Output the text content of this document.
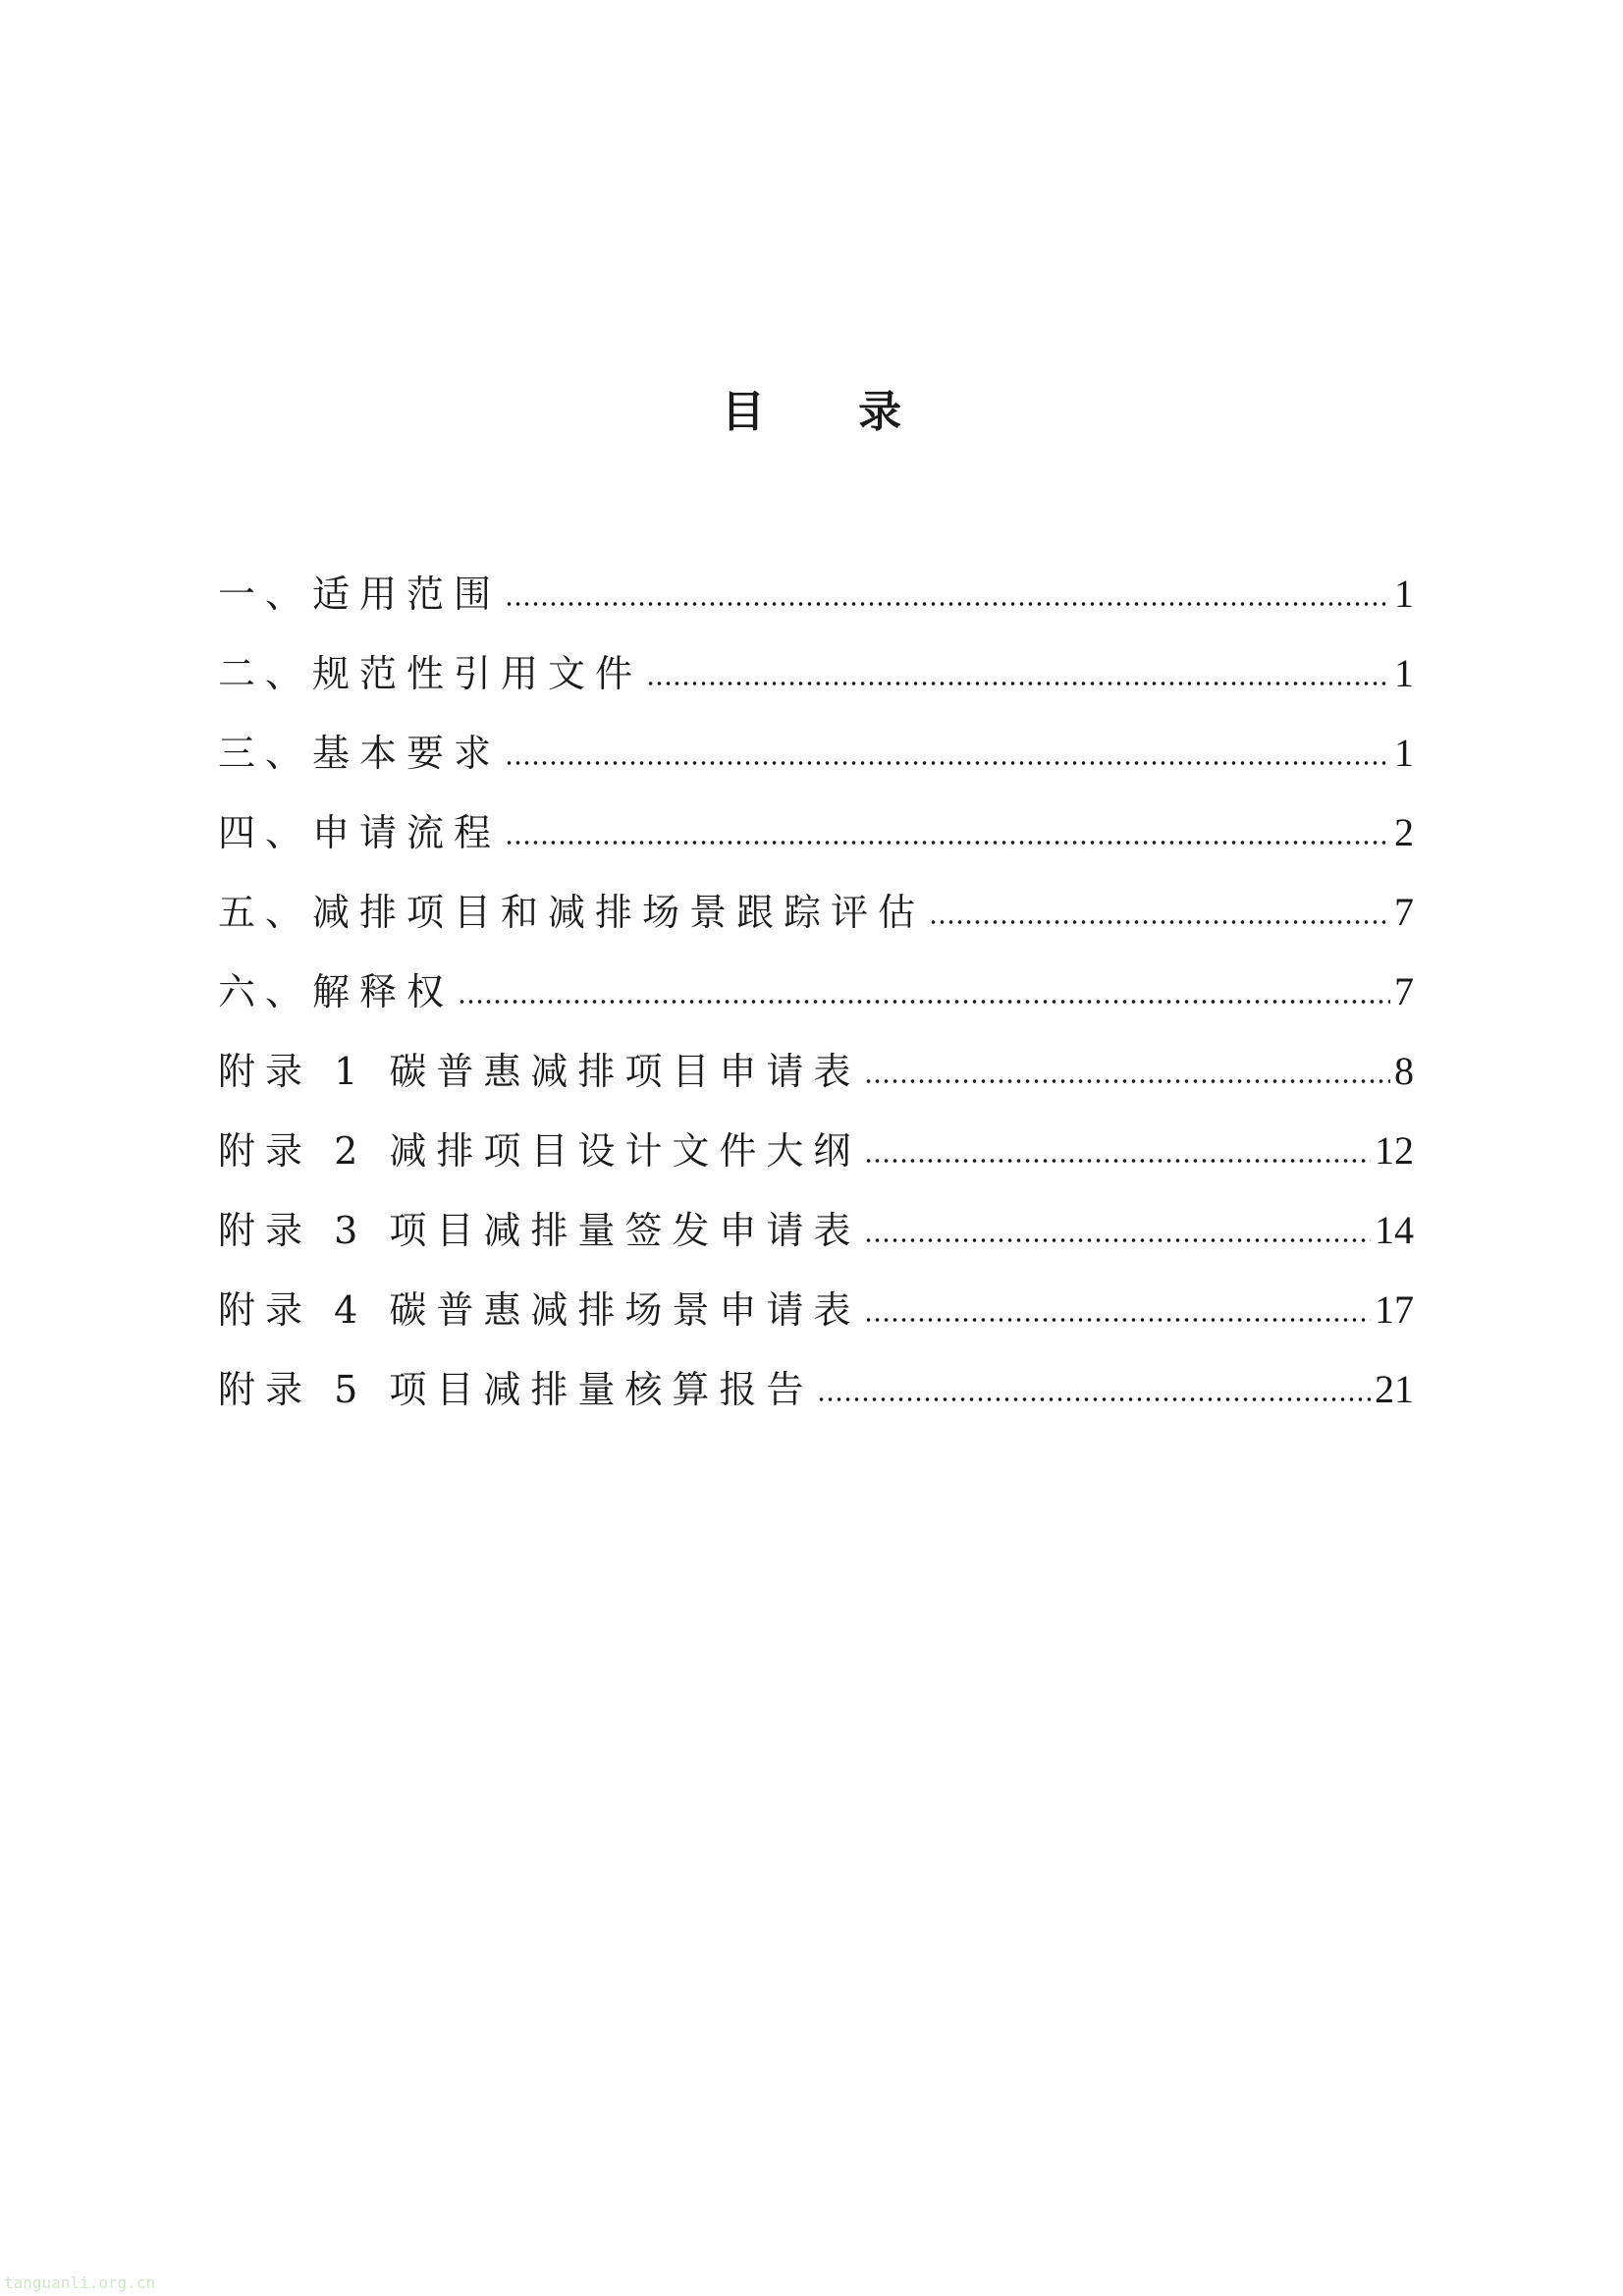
目 录
一、适用范围	1
二、规范性引用文件	1
三、基本要求	1
四、申请流程	2
五、减排项目和减排场景跟踪评估	7
六、解释权	7
附录 1 碳普惠减排项目申请表	8
附录 2 减排项目设计文件大纲	12
附录 3 项目减排量签发申请表	14
附录 4 碳普惠减排场景申请表	17
附录 5 项目减排量核算报告	21
tanguanli.org.cn
